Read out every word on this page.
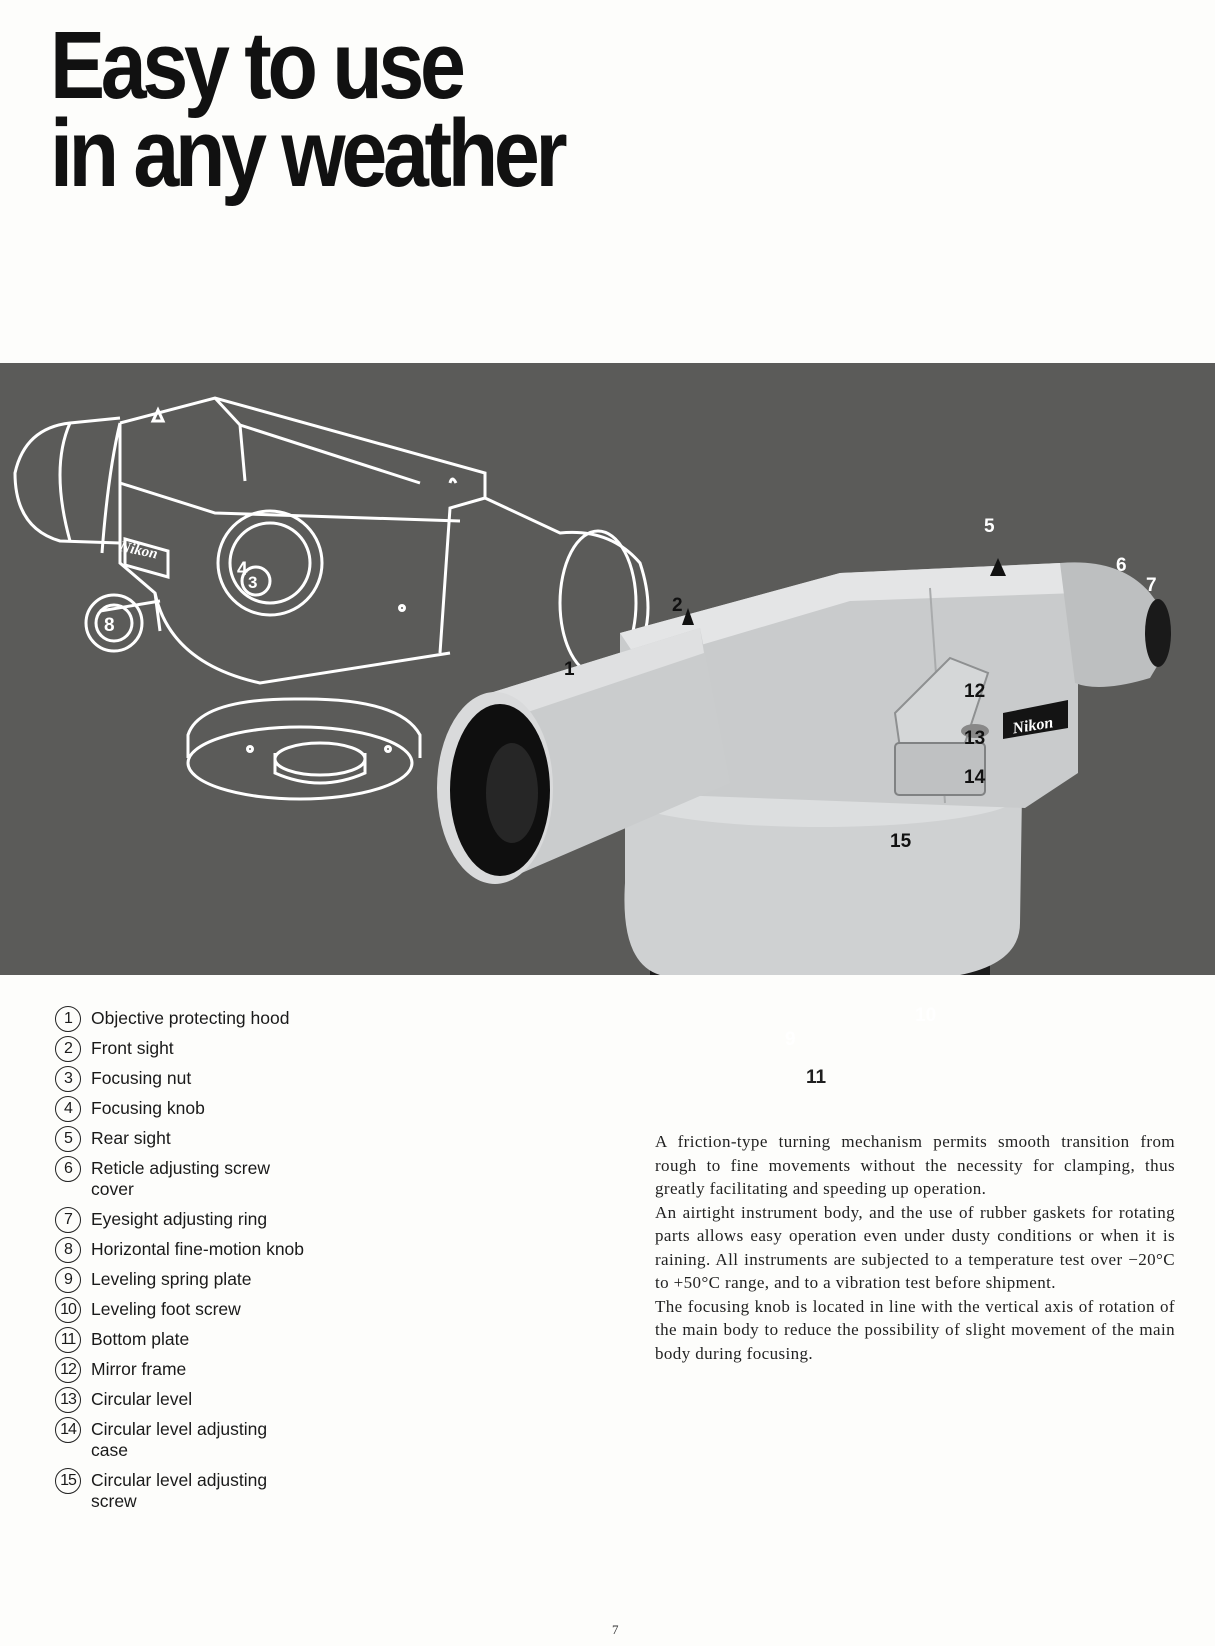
Easy to use
in any weather
Nikon
Nikon
4
3
8
1
2
5
6
7
12
13
14
15
10
9
11
1	Objective protecting hood
2	Front sight
3	Focusing nut
4	Focusing knob
5	Rear sight
6	Reticle adjusting screw cover
7	Eyesight adjusting ring
8	Horizontal fine-motion knob
9	Leveling spring plate
10 Leveling foot screw
11 Bottom plate
12 Mirror frame
13 Circular level
14 Circular level adjusting case
15 Circular level adjusting screw

A friction-type turning mechanism permits smooth transition from rough to fine movements without the necessity for clamping, thus greatly facilitating and speeding up operation.

An airtight instrument body, and the use of rubber gaskets for rotating parts allows easy operation even under dusty conditions or when it is raining. All instruments are subjected to a temperature test over −20°C to +50°C range, and to a vibration test before shipment.

The focusing knob is located in line with the vertical axis of rotation of the main body to reduce the possibility of slight movement of the main body during focusing.

7
